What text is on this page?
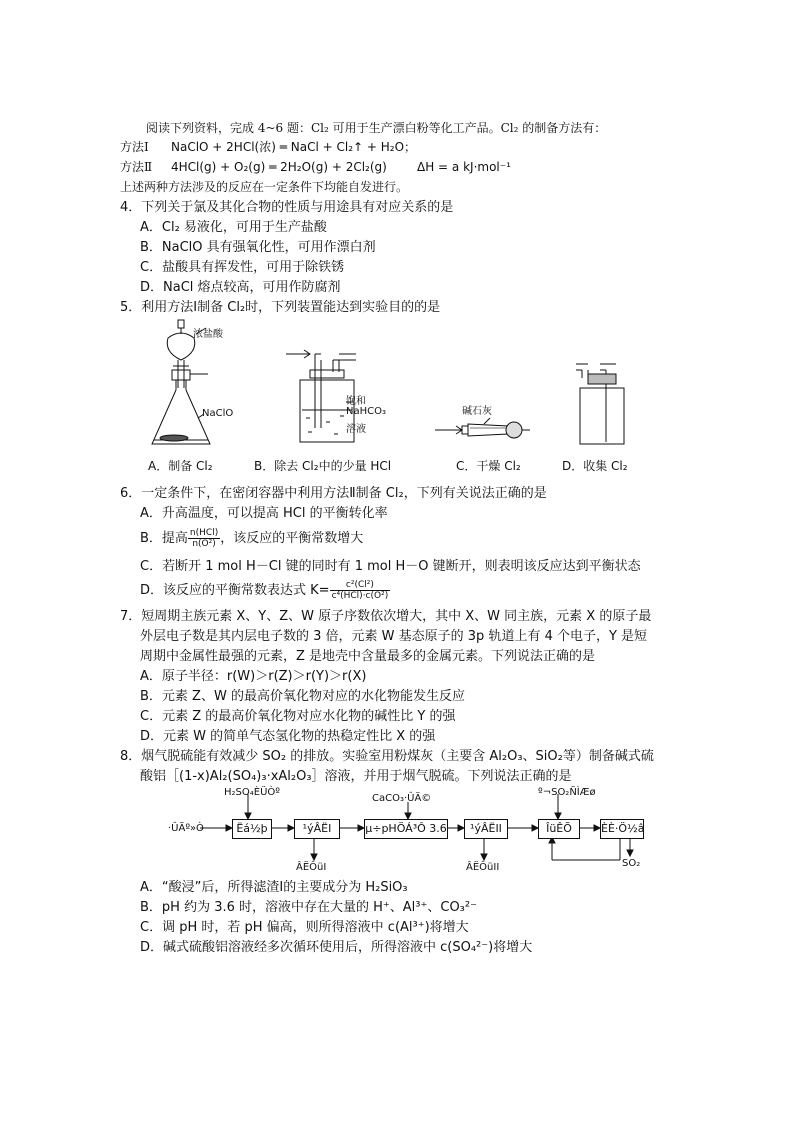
阅读下列资料，完成 4~6 题：Cl₂ 可用于生产漂白粉等化工产品。Cl₂ 的制备方法有：
方法Ⅰ NaClO + 2HCl(浓) ═ NaCl + Cl₂↑ + H₂O；
方法Ⅱ 4HCl(g) + O₂(g) ═ 2H₂O(g) + 2Cl₂(g)	ΔH = a kJ·mol⁻¹
上述两种方法涉及的反应在一定条件下均能自发进行。
4．下列关于氯及其化合物的性质与用途具有对应关系的是
A．Cl₂ 易液化，可用于生产盐酸
B．NaClO 具有强氧化性，可用作漂白剂
C．盐酸具有挥发性，可用于除铁锈
D．NaCl 熔点较高，可用作防腐剂
5．利用方法Ⅰ制备 Cl₂时，下列装置能达到实验目的的是
浓盐酸
NaClO
饱和
NaHCO₃
溶液
碱石灰
A．制备 Cl₂	B．除去 Cl₂中的少量 HCl	C．干燥 Cl₂	D．收集 Cl₂
6．一定条件下，在密闭容器中利用方法Ⅱ制备 Cl₂，下列有关说法正确的是
A．升高温度，可以提高 HCl 的平衡转化率
B．提高 $\frac{\text{n(HCl)}}{\text{n(O²)}}$ ，该反应的平衡常数增大
C．若断开 1 mol H－Cl 键的同时有 1 mol H－O 键断开，则表明该反应达到平衡状态
D．该反应的平衡常数表达式 $K= \frac{\text{c²(Cl²)}}{\text{c⁴(HCl)·c(O²)}}$
7．短周期主族元素 X、Y、Z、W 原子序数依次增大，其中 X、W 同主族，元素 X 的原子最
外层电子数是其内层电子数的 3 倍，元素 W 基态原子的 3p 轨道上有 4 个电子，Y 是短
周期中金属性最强的元素，Z 是地壳中含量最多的金属元素。下列说法正确的是
A．原子半径：r(W)＞r(Z)＞r(Y)＞r(X)
B．元素 Z、W 的最高价氧化物对应的水化物能发生反应
C．元素 Z 的最高价氧化物对应水化物的碱性比 Y 的强
D．元素 W 的简单气态氢化物的热稳定性比 X 的强
8．烟气脱硫能有效减少 SO₂ 的排放。实验室用粉煤灰（主要含 Al₂O₃、SiO₂等）制备碱式硫
酸铝［(1-x)Al₂(SO₄)₃·xAl₂O₃］溶液，并用于烟气脱硫。下列说法正确的是
H₂SO₄ÈÜÒº
CaCO₃·ÛÄ©
º¬SO₂ÑÌÆø
·ÛÃº»Ò	Ëá½þ	¹ýÂËI	µ÷pHÖÁ³Ô 3.6	¹ýÂËII	ÎüÊÕ	ÈÈ·Ö½â
ÂËÔüI	ÂËÔüII	SO₂
A．“酸浸”后，所得滤渣Ⅰ的主要成分为 H₂SiO₃
B．pH 约为 3.6 时，溶液中存在大量的 H⁺、Al³⁺、CO₃²⁻
C．调 pH 时，若 pH 偏高，则所得溶液中 c(Al³⁺)将增大
D．碱式硫酸铝溶液经多次循环使用后，所得溶液中 c(SO₄²⁻)将增大
